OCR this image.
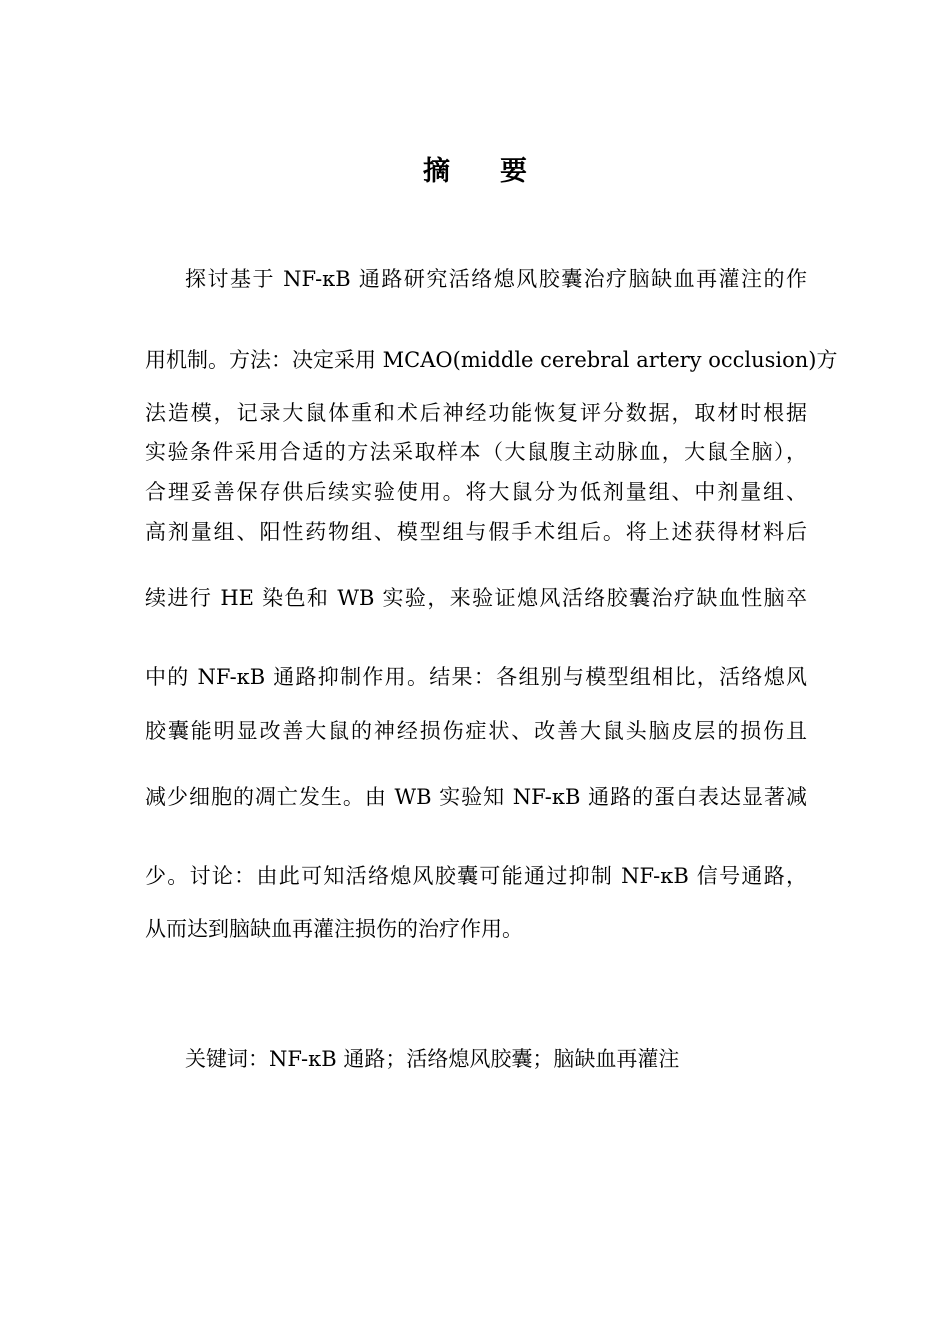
摘 要
探讨基于 NF-κB 通路研究活络熄风胶囊治疗脑缺血再灌注的作
用机制。方法：决定采用 MCAO(middle cerebral artery occlusion)方
法造模，记录大鼠体重和术后神经功能恢复评分数据，取材时根据
实验条件采用合适的方法采取样本（大鼠腹主动脉血，大鼠全脑），
合理妥善保存供后续实验使用。将大鼠分为低剂量组、中剂量组、
高剂量组、阳性药物组、模型组与假手术组后。将上述获得材料后
续进行 HE 染色和 WB 实验，来验证熄风活络胶囊治疗缺血性脑卒
中的 NF-κB 通路抑制作用。结果：各组别与模型组相比，活络熄风
胶囊能明显改善大鼠的神经损伤症状、改善大鼠头脑皮层的损伤且
减少细胞的凋亡发生。由 WB 实验知 NF-κB 通路的蛋白表达显著减
少。讨论：由此可知活络熄风胶囊可能通过抑制 NF-κB 信号通路，
从而达到脑缺血再灌注损伤的治疗作用。
关键词：NF-κB 通路；活络熄风胶囊；脑缺血再灌注
